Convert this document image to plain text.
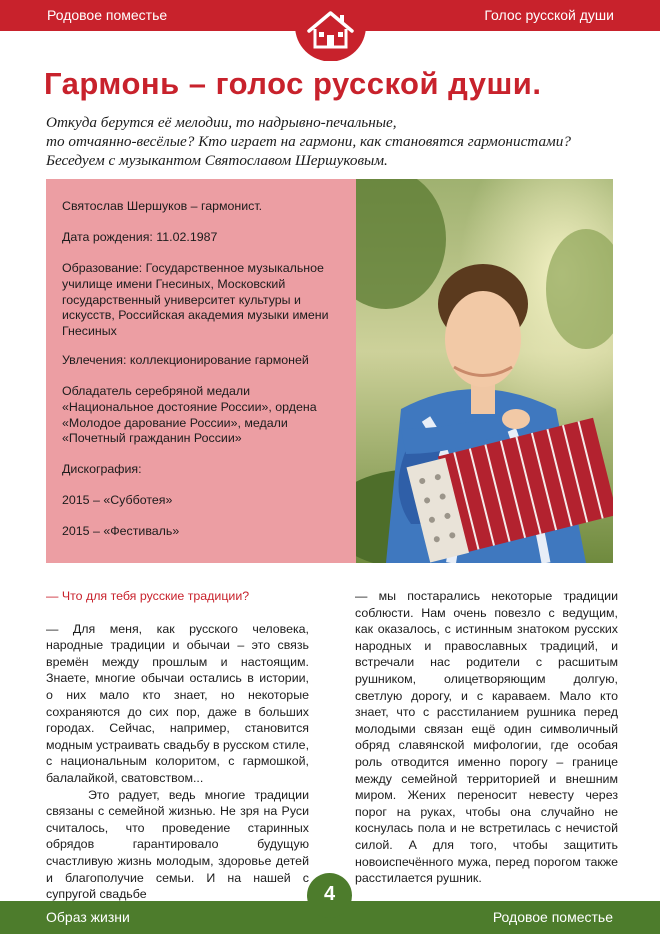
Родовое поместье	Голос русской души
Гармонь – голос русской души.
Откуда берутся её мелодии, то надрывно-печальные,
то отчаянно-весёлые? Кто играет на гармони, как становятся гармонистами?
Беседуем с музыкантом Святославом Шершуковым.
Святослав Шершуков – гармонист.
Дата рождения: 11.02.1987
Образование: Государственное музыкальное училище имени Гнесиных, Московский государственный университет культуры и искусств, Российская академия музыки имени Гнесиных
Увлечения: коллекционирование гармоней
Обладатель серебряной медали «Национальное достояние России», ордена «Молодое дарование России», медали «Почетный гражданин России»
Дискография:
2015 – «Субботея»
2015 – «Фестиваль»

— Что для тебя русские традиции?

— Для меня, как русского человека, народные традиции и обычаи – это связь времён между прошлым и настоящим. Знаете, многие обычаи остались в истории, о них мало кто знает, но некоторые сохраняются до сих пор, даже в больших городах. Сейчас, например, становится модным устраивать свадьбу в русском стиле, с национальным колоритом, с гармошкой, балалайкой, сватовством...

Это радует, ведь многие традиции связаны с семейной жизнью. Не зря на Руси считалось, что проведение старинных обрядов гарантировало будущую счастливую жизнь молодым, здоровье детей и благополучие семьи. И на нашей с супругой свадьбе

— мы постарались некоторые традиции соблюсти. Нам очень повезло с ведущим, как оказалось, с истинным знатоком русских народных и православных традиций, и встречали нас родители с расшитым рушником, олицетворяющим долгую, светлую дорогу, и с караваем. Мало кто знает, что с расстиланием рушника перед молодыми связан ещё один символичный обряд славянской мифологии, где особая роль отводится именно порогу – границе между семейной территорией и внешним миром. Жених переносит невесту через порог на руках, чтобы она случайно не коснулась пола и не встретилась с нечистой силой. А для того, чтобы защитить новоиспечённого мужа, перед порогом также расстилается рушник.

Образ жизни	Родовое поместье
4
